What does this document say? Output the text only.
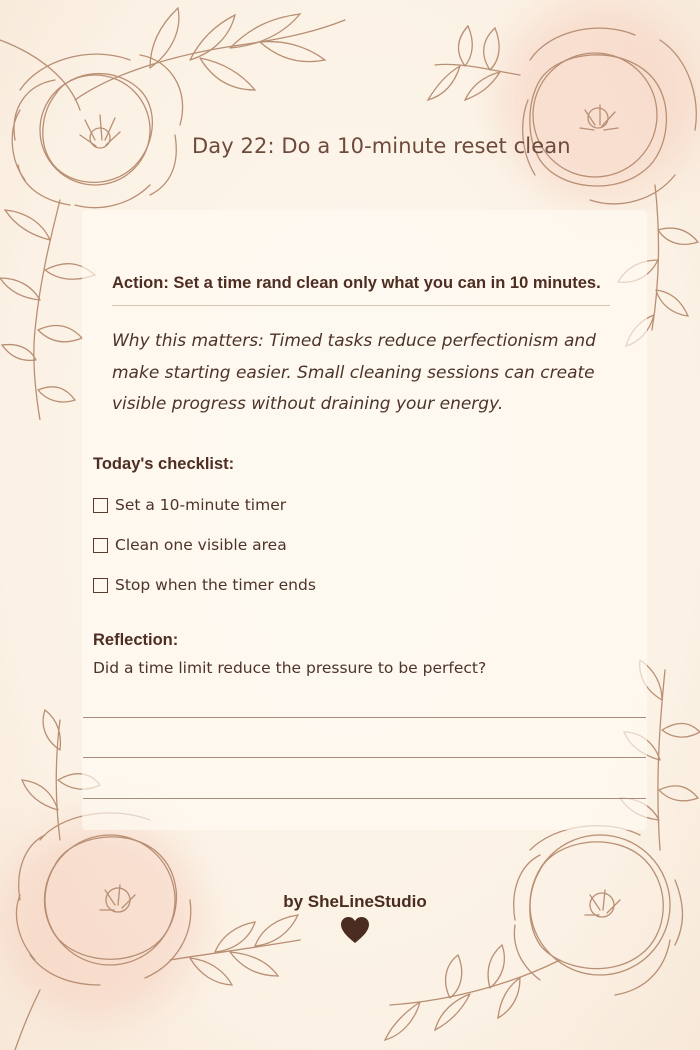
Day 22: Do a 10-minute reset clean
Action: Set a time rand clean only what you can in 10 minutes.
Why this matters: Timed tasks reduce perfectionism and make starting easier. Small cleaning sessions can create visible progress without draining your energy.
Today's checklist:
Set a 10-minute timer
Clean one visible area
Stop when the timer ends
Reflection:
Did a time limit reduce the pressure to be perfect?
by SheLineStudio
